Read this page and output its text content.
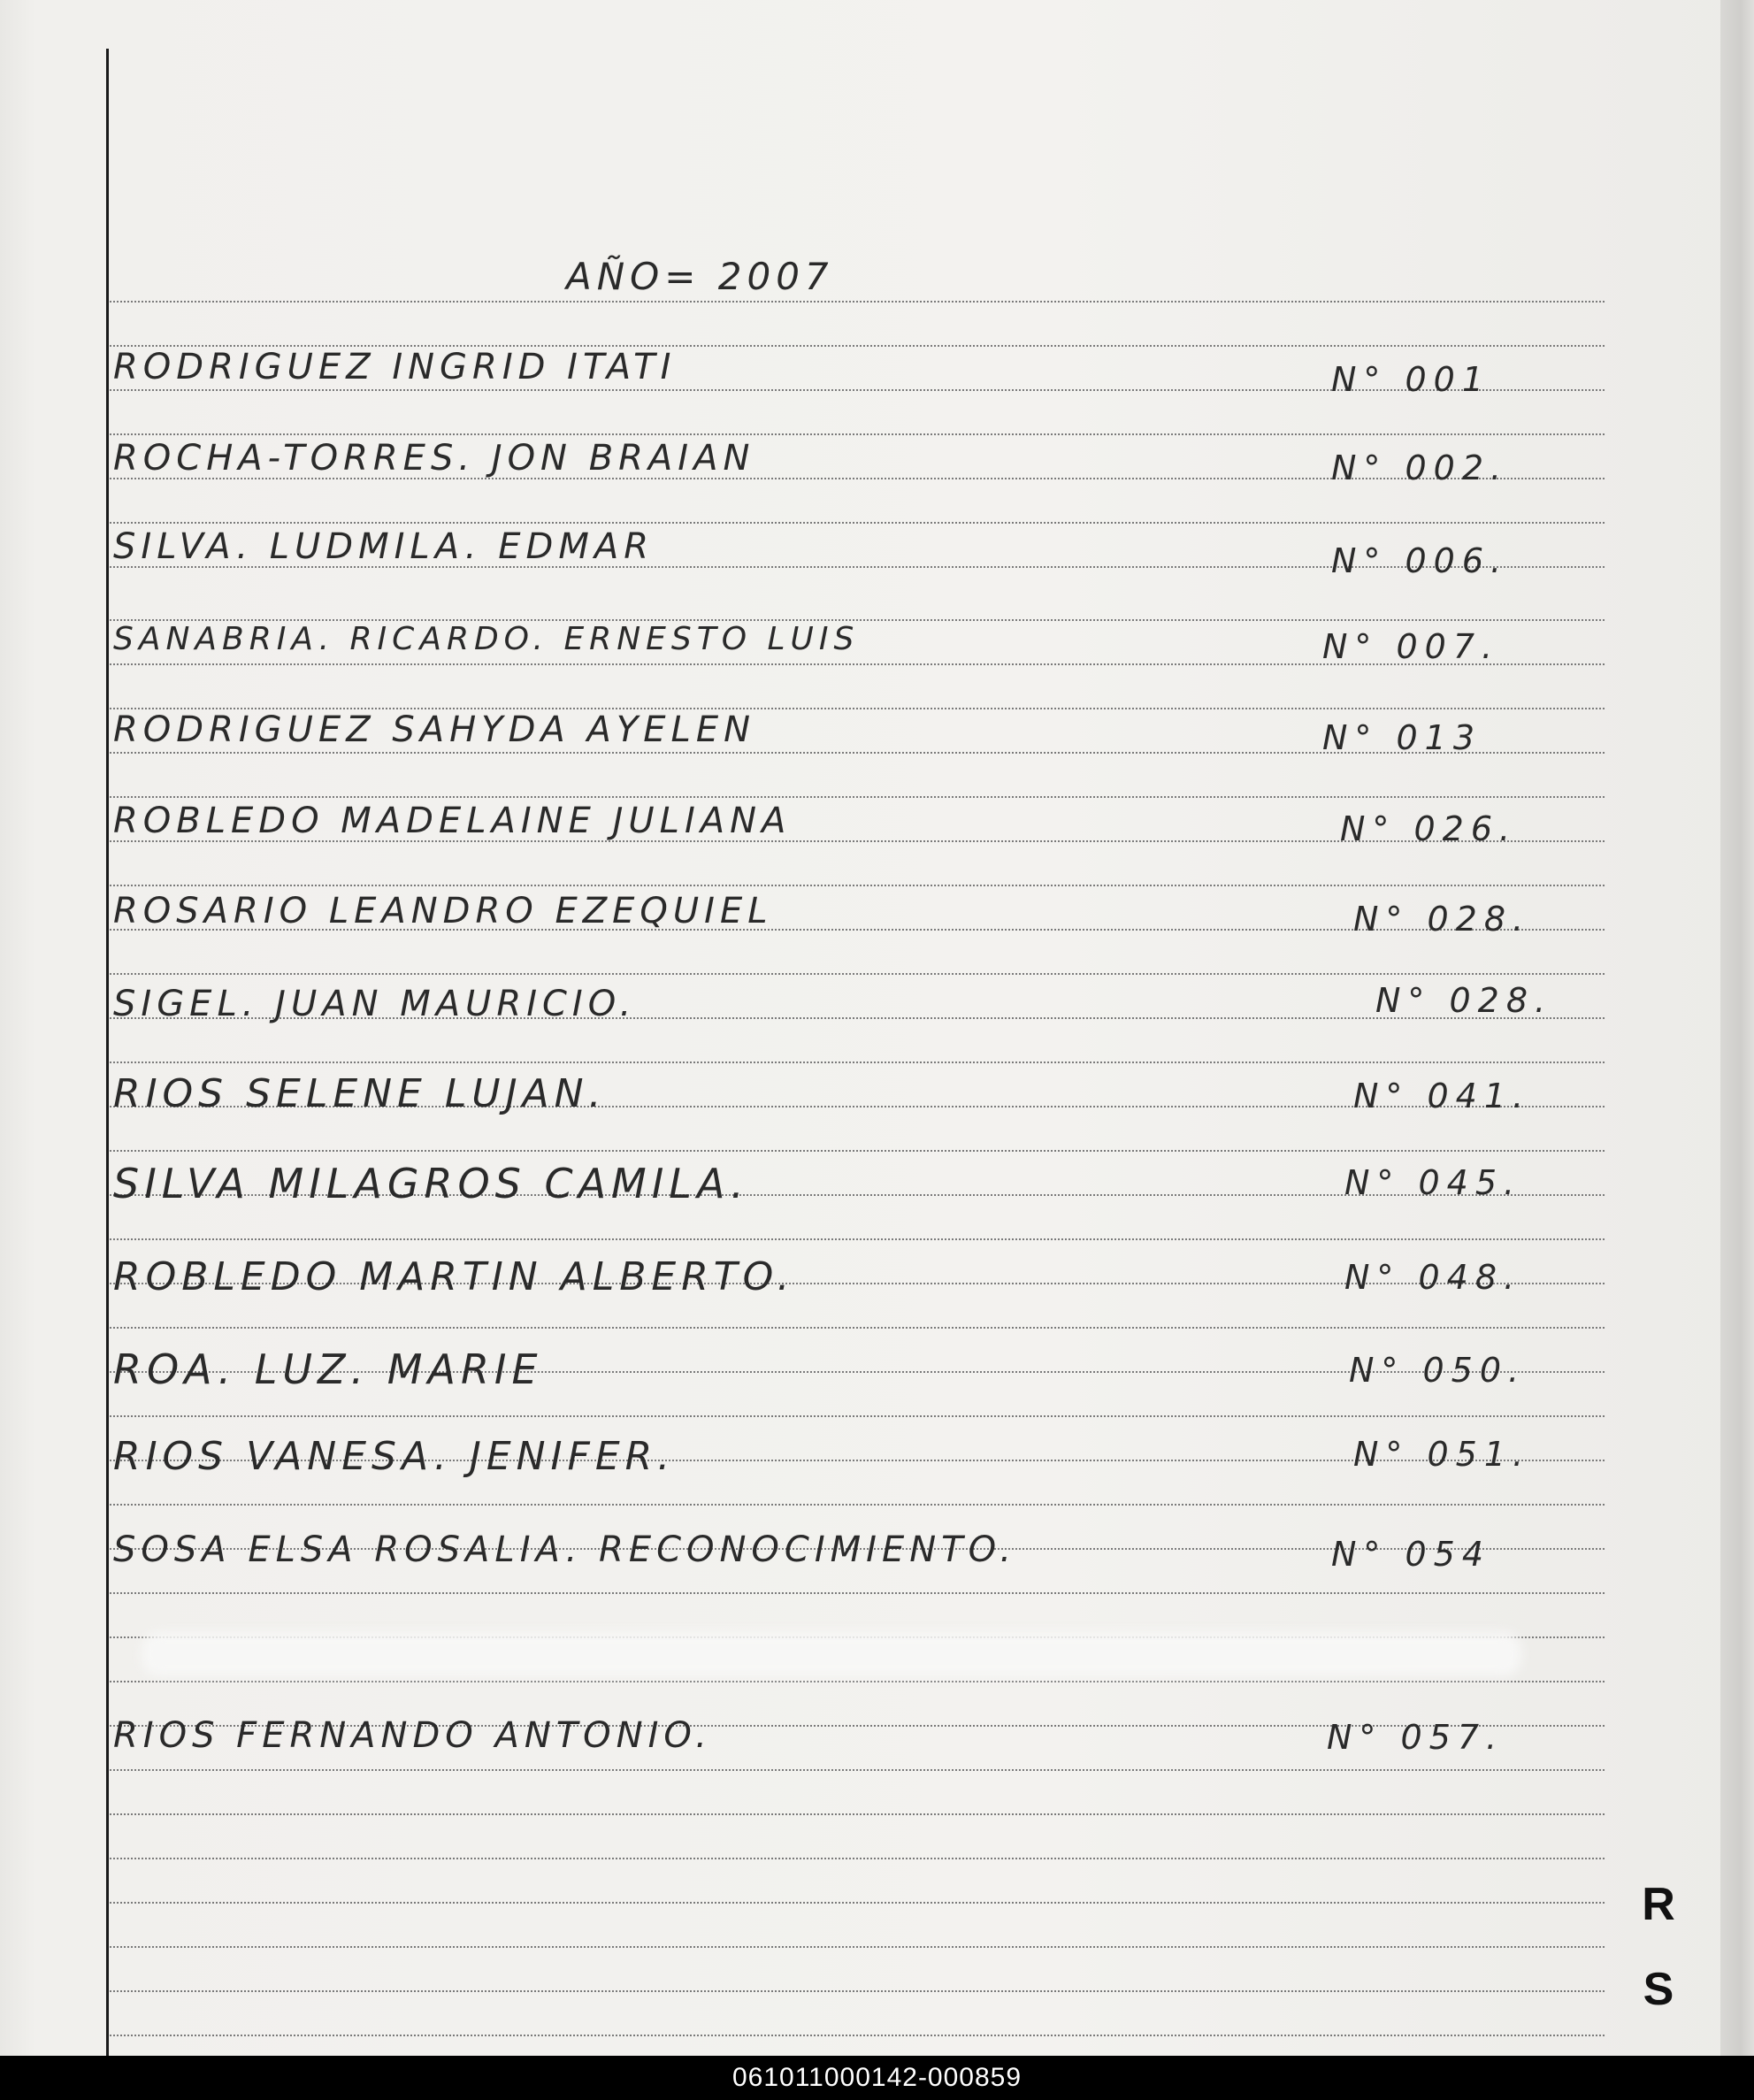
AÑO= 2007
RODRIGUEZ INGRID ITATI	N° 001
ROCHA-TORRES. JON BRAIAN	N° 002.
SILVA. LUDMILA. EDMAR	N° 006.
SANABRIA. RICARDO. ERNESTO LUIS	N° 007.
RODRIGUEZ SAHYDA AYELEN	N° 013
ROBLEDO MADELAINE JULIANA	N° 026.
ROSARIO LEANDRO EZEQUIEL	N° 028.
SIGEL. JUAN MAURICIO.	N° 028.
RIOS SELENE LUJAN.	N° 041.
SILVA MILAGROS CAMILA.	N° 045.
ROBLEDO MARTIN ALBERTO.	N° 048.
ROA. LUZ. MARIE	N° 050.
RIOS VANESA. JENIFER.	N° 051.
SOSA ELSA ROSALIA. RECONOCIMIENTO.	N° 054
RIOS FERNANDO ANTONIO.	N° 057.
R
S
061011000142-000859
